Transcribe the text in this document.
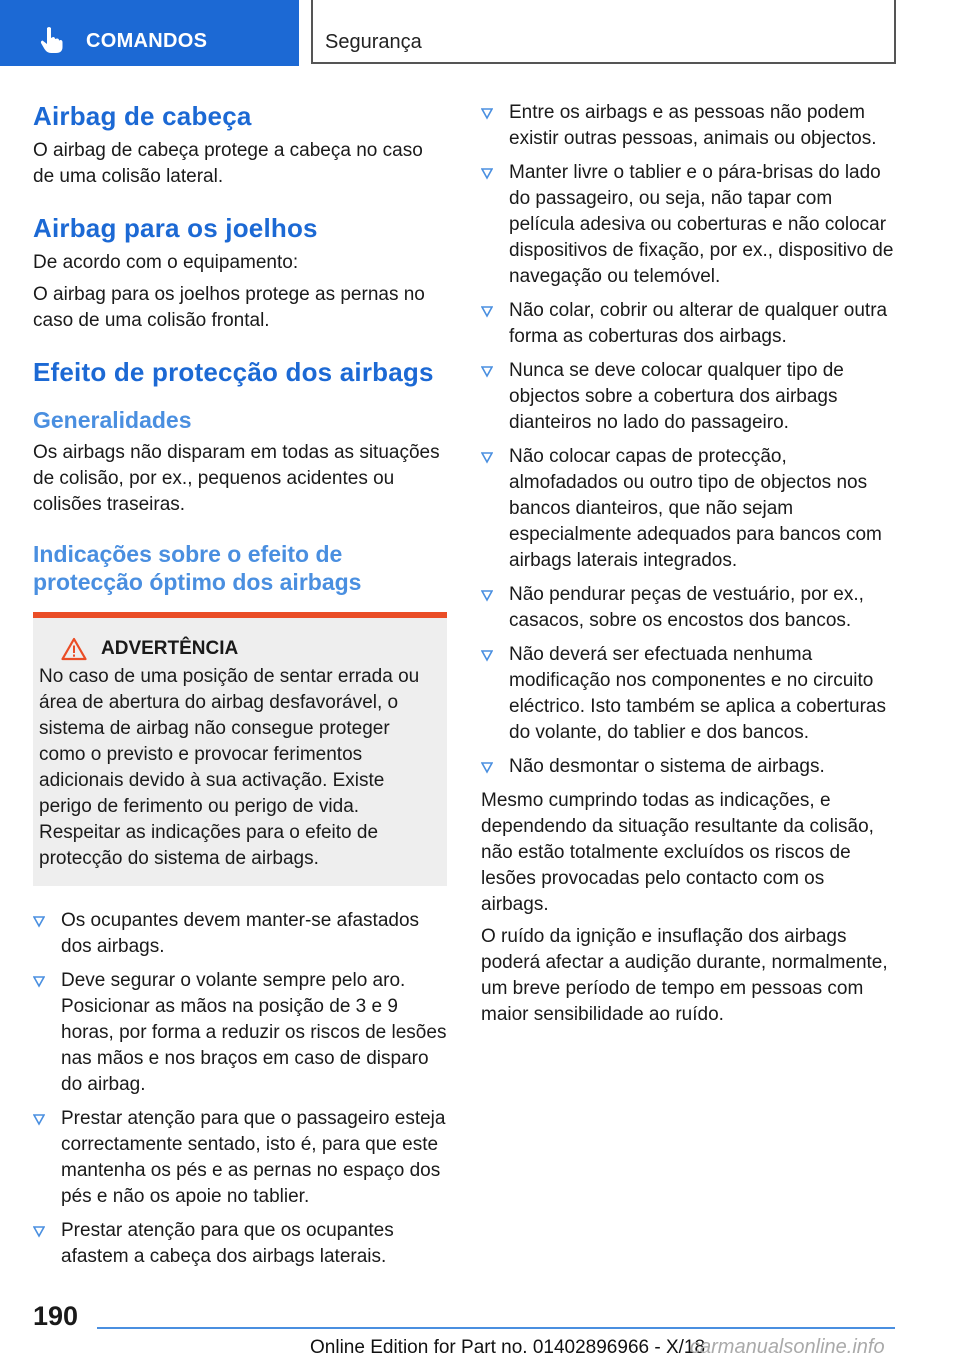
COMANDOS	Segurança
Airbag de cabeça

O airbag de cabeça protege a cabeça no caso de uma colisão lateral.

Airbag para os joelhos

De acordo com o equipamento:

O airbag para os joelhos protege as pernas no caso de uma colisão frontal.

Efeito de protecção dos airbags
Generalidades

Os airbags não disparam em todas as situações de colisão, por ex., pequenos acidentes ou colisões traseiras.

Indicações sobre o efeito de protecção óptimo dos airbags
ADVERTÊNCIA

No caso de uma posição de sentar errada ou área de abertura do airbag desfavorável, o sistema de airbag não consegue proteger como o previsto e provocar ferimentos adicionais devido à sua activação. Existe perigo de ferimento ou perigo de vida. Respeitar as indicações para o efeito de protecção do sistema de airbags.

Os ocupantes devem manter-se afastados dos airbags.
Deve segurar o volante sempre pelo aro. Posicionar as mãos na posição de 3 e 9 horas, por forma a reduzir os riscos de lesões nas mãos e nos braços em caso de disparo do airbag.
Prestar atenção para que o passageiro esteja correctamente sentado, isto é, para que este mantenha os pés e as pernas no espaço dos pés e não os apoie no tablier.
Prestar atenção para que os ocupantes afastem a cabeça dos airbags laterais.
Entre os airbags e as pessoas não podem existir outras pessoas, animais ou objectos.
Manter livre o tablier e o pára-brisas do lado do passageiro, ou seja, não tapar com película adesiva ou coberturas e não colocar dispositivos de fixação, por ex., dispositivo de navegação ou telemóvel.
Não colar, cobrir ou alterar de qualquer outra forma as coberturas dos airbags.
Nunca se deve colocar qualquer tipo de objectos sobre a cobertura dos airbags dianteiros no lado do passageiro.
Não colocar capas de protecção, almofadados ou outro tipo de objectos nos bancos dianteiros, que não sejam especialmente adequados para bancos com airbags laterais integrados.
Não pendurar peças de vestuário, por ex., casacos, sobre os encostos dos bancos.
Não deverá ser efectuada nenhuma modificação nos componentes e no circuito eléctrico. Isto também se aplica a coberturas do volante, do tablier e dos bancos.
Não desmontar o sistema de airbags.

Mesmo cumprindo todas as indicações, e dependendo da situação resultante da colisão, não estão totalmente excluídos os riscos de lesões provocadas pelo contacto com os airbags.

O ruído da ignição e insuflação dos airbags poderá afectar a audição durante, normalmente, um breve período de tempo em pessoas com maior sensibilidade ao ruído.

190
Online Edition for Part no. 01402896966 - X/18
carmanualsonline.info
